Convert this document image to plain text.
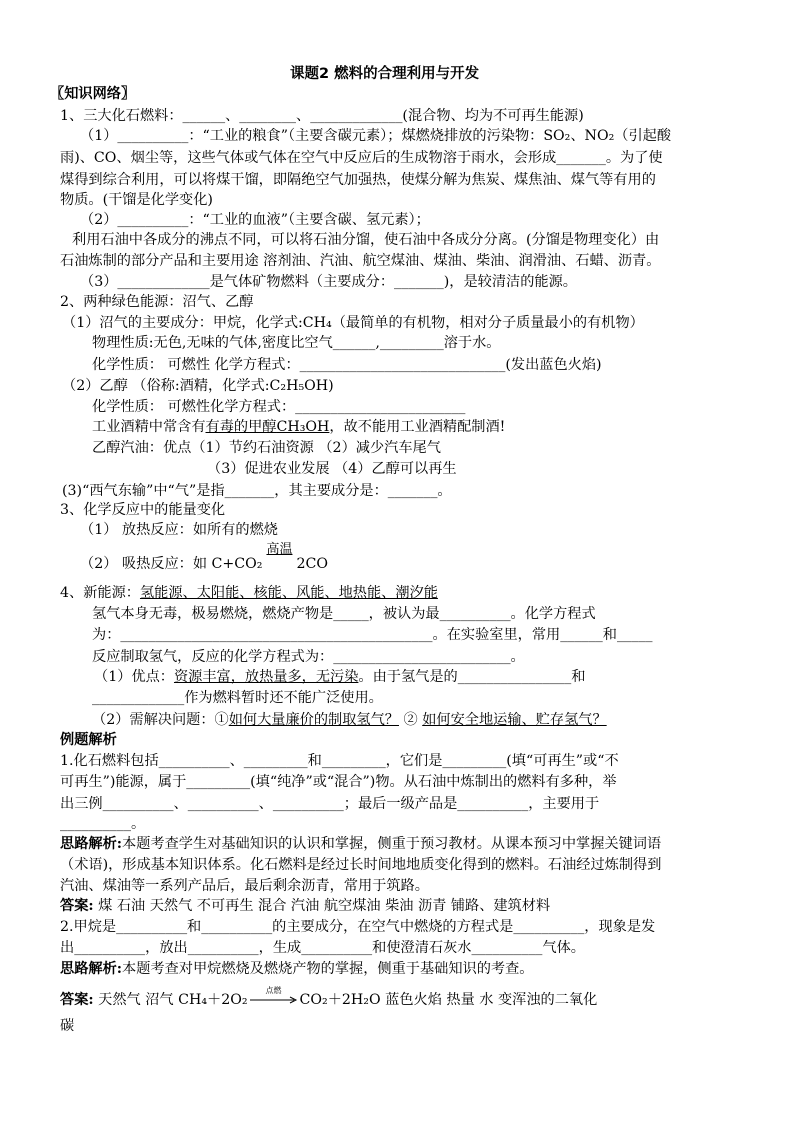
课题2 燃料的合理利用与开发
〖知识网络〗
1、三大化石燃料：______、________、_____________(混合物、均为不可再生能源)
（1）__________：“工业的粮食”（主要含碳元素）；煤燃烧排放的污染物：SO₂、NO₂（引起酸
雨)、CO、烟尘等，这些气体或气体在空气中反应后的生成物溶于雨水，会形成_______。为了使
煤得到综合利用，可以将煤干馏，即隔绝空气加强热，使煤分解为焦炭、煤焦油、煤气等有用的
物质。(干馏是化学变化)
（2）__________：“工业的血液”（主要含碳、氢元素）；
利用石油中各成分的沸点不同，可以将石油分馏，使石油中各成分分离。(分馏是物理变化）由
石油炼制的部分产品和主要用途 溶剂油、汽油、航空煤油、煤油、柴油、润滑油、石蜡、沥青。
（3）_____________是气体矿物燃料（主要成分：_______)，是较清洁的能源。
2、两种绿色能源：沼气、乙醇
（1）沼气的主要成分：甲烷，化学式:CH₄（最简单的有机物，相对分子质量最小的有机物）
物理性质:无色,无味的气体,密度比空气______,_________溶于水。
化学性质： 可燃性 化学方程式：_____________________________(发出蓝色火焰)
（2）乙醇 （俗称:酒精，化学式:C₂H₅OH)
化学性质： 可燃性化学方程式：________________________
工业酒精中常含有有毒的甲醇CH₃OH，故不能用工业酒精配制酒!
乙醇汽油：优点（1）节约石油资源 （2）减少汽车尾气
（3）促进农业发展 （4）乙醇可以再生
(3)“西气东输”中“气”是指_______，其主要成分是：_______。
3、化学反应中的能量变化
（1） 放热反应：如所有的燃烧
（2） 吸热反应：如 C+CO₂
高温
2CO
4、新能源：氢能源、太阳能、核能、风能、地热能、潮汐能
氢气本身无毒，极易燃烧，燃烧产物是_____，被认为最__________。化学方程式
为：____________________________________________。在实验室里，常用______和_____
反应制取氢气，反应的化学方程式为：_________________________。
（1）优点：资源丰富，放热量多，无污染。由于氢气是的________________和
_____________作为燃料暂时还不能广泛使用。
（2）需解决问题：①如何大量廉价的制取氢气？ ② 如何安全地运输、贮存氢气？
例题解析
1.化石燃料包括__________、_________和_________，它们是_________(填“可再生”或“不
可再生”)能源，属于_________(填“纯净”或“混合”)物。从石油中炼制出的燃料有多种，举
出三例__________、__________、__________；最后一级产品是__________，主要用于
__________。
思路解析:本题考查学生对基础知识的认识和掌握，侧重于预习教材。从课本预习中掌握关键词语
（术语)，形成基本知识体系。化石燃料是经过长时间地地质变化得到的燃料。石油经过炼制得到
汽油、煤油等一系列产品后，最后剩余沥青，常用于筑路。
答案: 煤 石油 天然气 不可再生 混合 汽油 航空煤油 柴油 沥青 铺路、建筑材料
2.甲烷是__________和__________的主要成分，在空气中燃烧的方程式是__________，现象是发
出__________，放出__________，生成__________和使澄清石灰水__________气体。
思路解析:本题考查对甲烷燃烧及燃烧产物的掌握，侧重于基础知识的考查。
答案: 天然气 沼气 CH₄＋2O₂
点燃
CO₂＋2H₂O 蓝色火焰 热量 水 变浑浊的二氧化
碳
